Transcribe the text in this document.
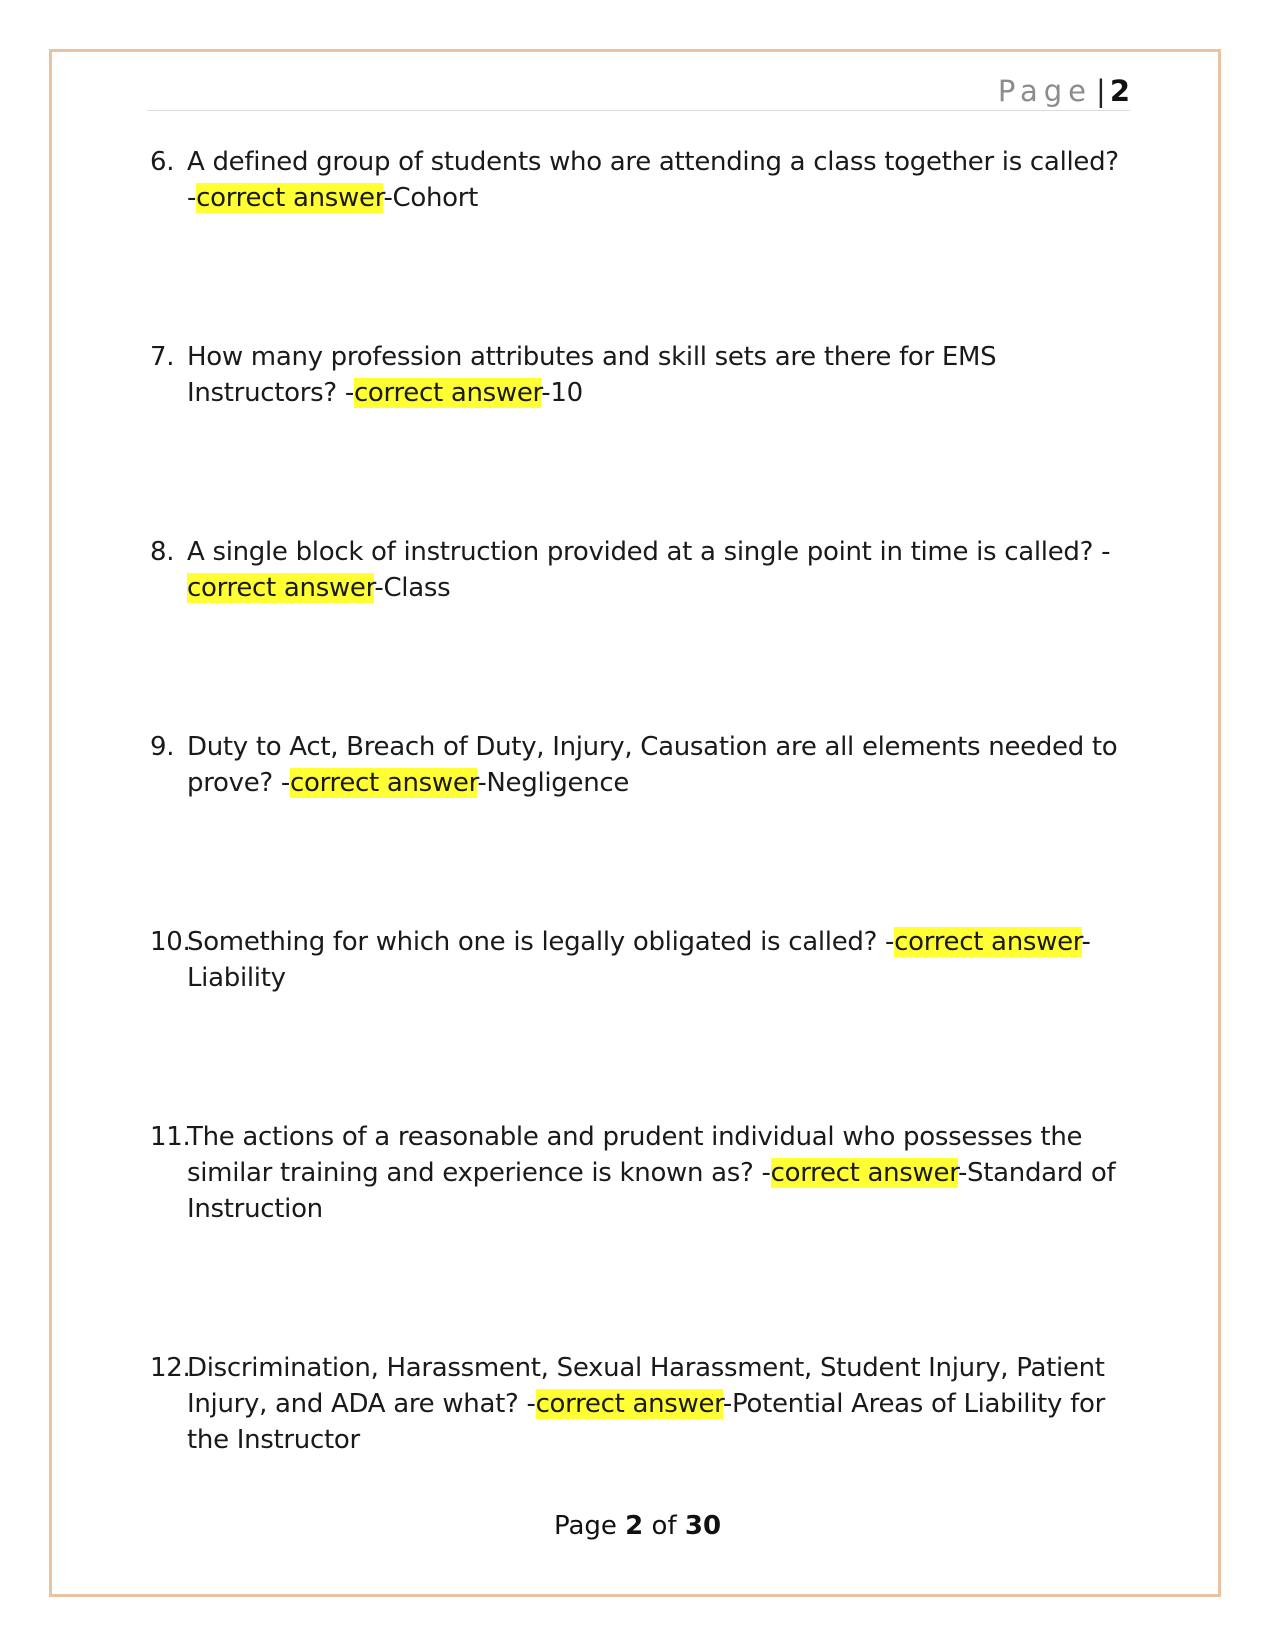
Page | 2
6. A defined group of students who are attending a class together is called? -correct answer-Cohort
7. How many profession attributes and skill sets are there for EMS Instructors? -correct answer-10
8. A single block of instruction provided at a single point in time is called? -correct answer-Class
9. Duty to Act, Breach of Duty, Injury, Causation are all elements needed to prove? -correct answer-Negligence
10.
Something for which one is legally obligated is called? -correct answer-Liability
11.
The actions of a reasonable and prudent individual who possesses the similar training and experience is known as? -correct answer-Standard of Instruction
12.
Discrimination, Harassment, Sexual Harassment, Student Injury, Patient Injury, and ADA are what? -correct answer-Potential Areas of Liability for the Instructor
Page 2 of 30
